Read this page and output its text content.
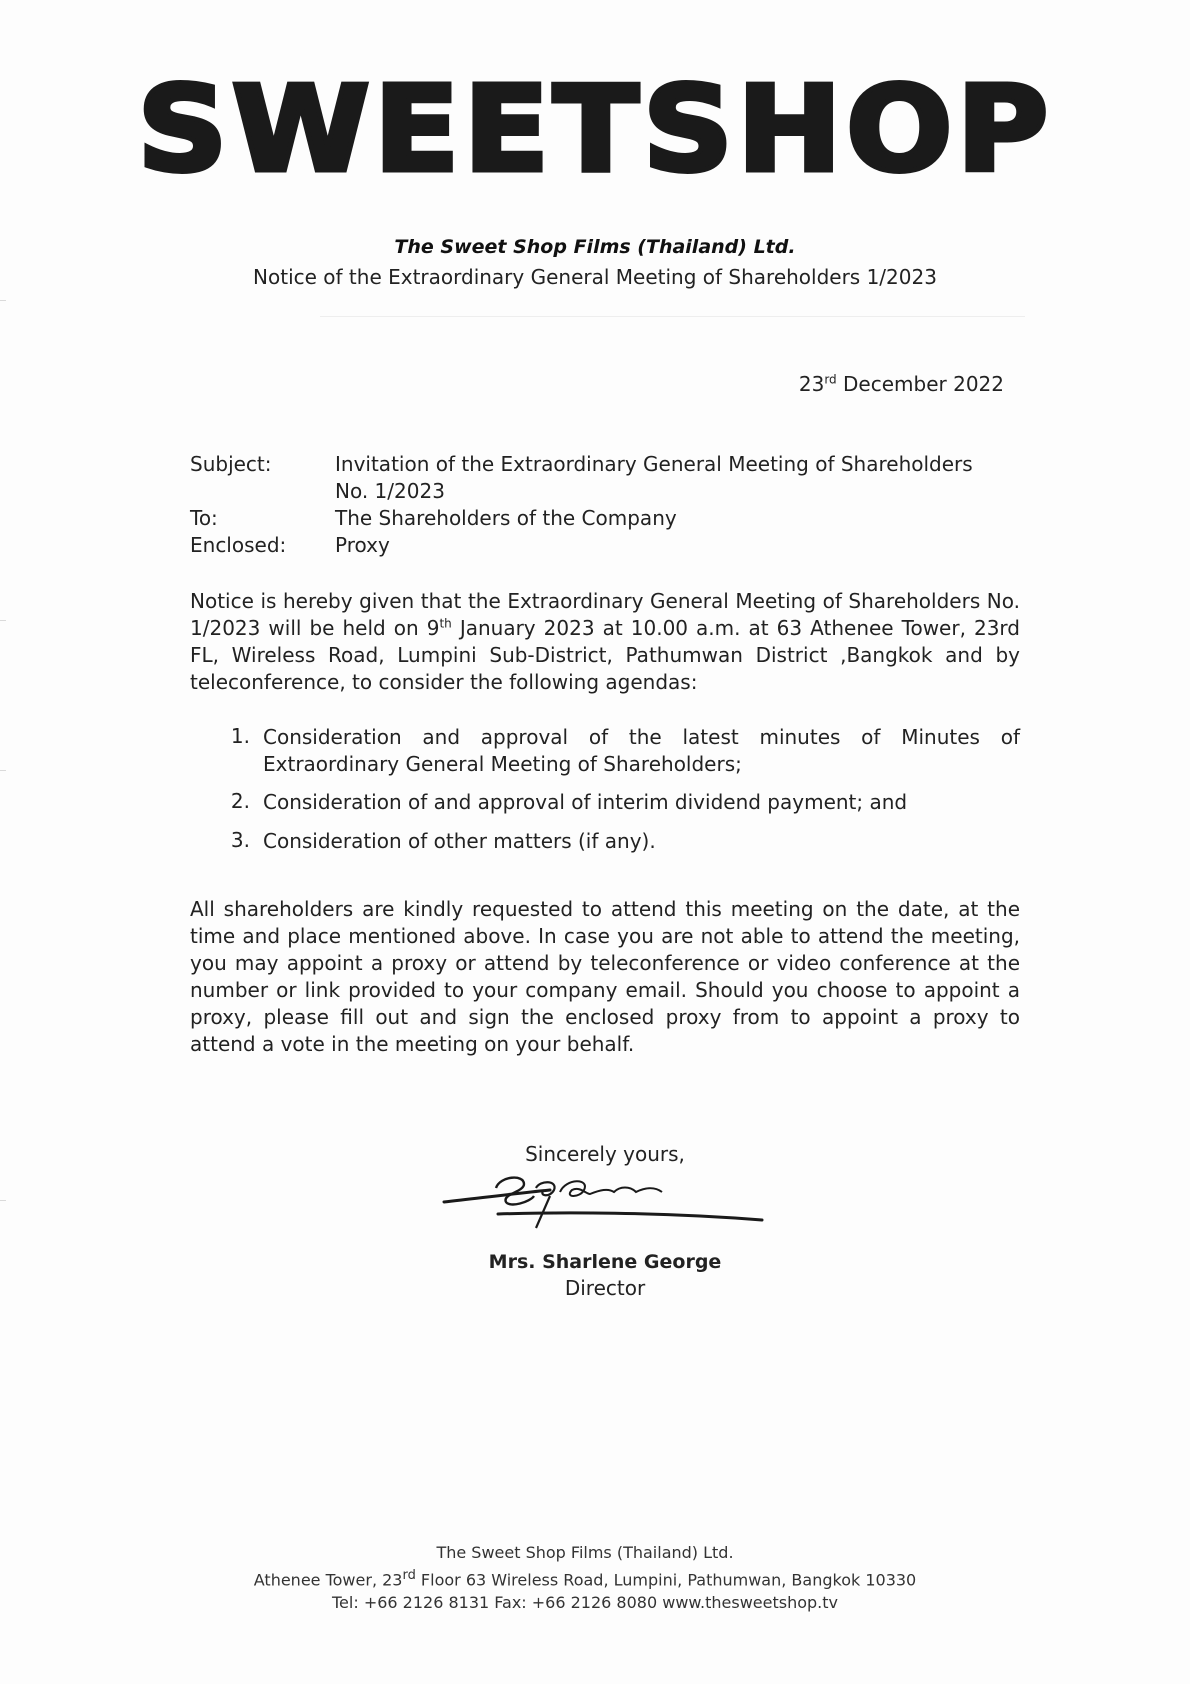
SWEETSHOP
The Sweet Shop Films (Thailand) Ltd.
Notice of the Extraordinary General Meeting of Shareholders 1/2023
23rd December 2022
Subject:	Invitation of the Extraordinary General Meeting of Shareholders
No. 1/2023
To:	The Shareholders of the Company
Enclosed: Proxy
Notice is hereby given that the Extraordinary General Meeting of Shareholders No. 1/2023 will be held on 9th January 2023 at 10.00 a.m. at 63 Athenee Tower, 23rd FL, Wireless Road, Lumpini Sub-District, Pathumwan District ,Bangkok and by teleconference, to consider the following agendas:
1. Consideration and approval of the latest minutes of Minutes of Extraordinary General Meeting of Shareholders;
2. Consideration of and approval of interim dividend payment; and
3. Consideration of other matters (if any).
All shareholders are kindly requested to attend this meeting on the date, at the time and place mentioned above. In case you are not able to attend the meeting, you may appoint a proxy or attend by teleconference or video conference at the number or link provided to your company email. Should you choose to appoint a proxy, please fill out and sign the enclosed proxy from to appoint a proxy to attend a vote in the meeting on your behalf.
Sincerely yours,
SGeorge
Mrs. Sharlene George
Director
The Sweet Shop Films (Thailand) Ltd.
Athenee Tower, 23rd Floor 63 Wireless Road, Lumpini, Pathumwan, Bangkok 10330
Tel: +66 2126 8131 Fax: +66 2126 8080 www.thesweetshop.tv
